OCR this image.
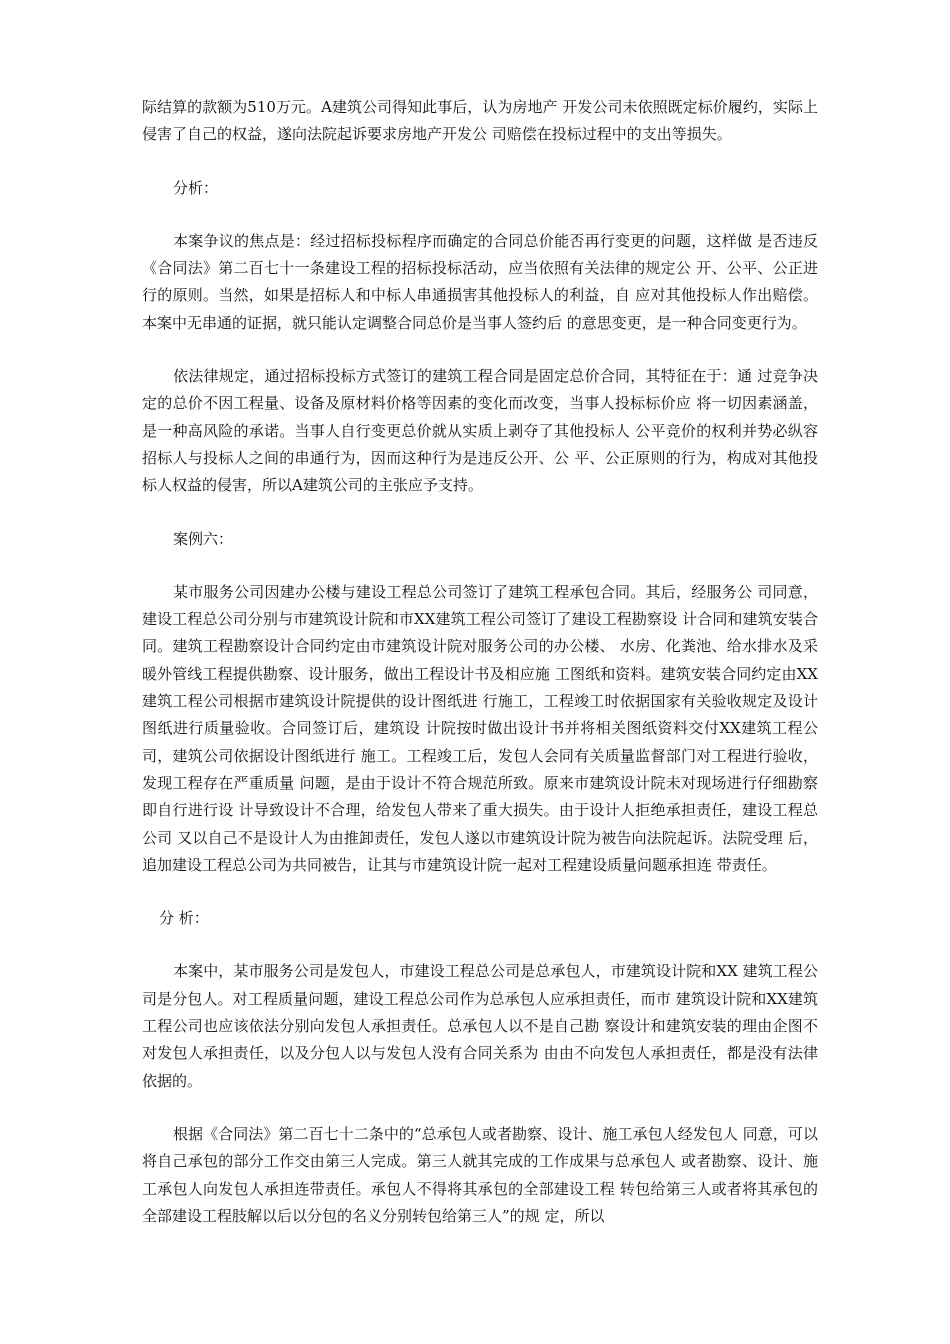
际结算的款额为510万元。A建筑公司得知此事后，认为房地产 开发公司未依照既定标价履约，实际上侵害了自己的权益，遂向法院起诉要求房地产开发公 司赔偿在投标过程中的支出等损失。

分析：

本案争议的焦点是：经过招标投标程序而确定的合同总价能否再行变更的问题，这样做 是否违反《合同法》第二百七十一条建设工程的招标投标活动，应当依照有关法律的规定公 开、公平、公正进行的原则。当然，如果是招标人和中标人串通损害其他投标人的利益，自 应对其他投标人作出赔偿。本案中无串通的证据，就只能认定调整合同总价是当事人签约后 的意思变更，是一种合同变更行为。

依法律规定，通过招标投标方式签订的建筑工程合同是固定总价合同，其特征在于：通 过竞争决定的总价不因工程量、设备及原材料价格等因素的变化而改变，当事人投标标价应 将一切因素涵盖，是一种高风险的承诺。当事人自行变更总价就从实质上剥夺了其他投标人 公平竞价的权利并势必纵容招标人与投标人之间的串通行为，因而这种行为是违反公开、公 平、公正原则的行为，构成对其他投标人权益的侵害，所以A建筑公司的主张应予支持。

案例六：

某市服务公司因建办公楼与建设工程总公司签订了建筑工程承包合同。其后，经服务公 司同意，建设工程总公司分别与市建筑设计院和市XX建筑工程公司签订了建设工程勘察设 计合同和建筑安装合同。建筑工程勘察设计合同约定由市建筑设计院对服务公司的办公楼、 水房、化粪池、给水排水及采暖外管线工程提供勘察、设计服务，做出工程设计书及相应施 工图纸和资料。建筑安装合同约定由XX建筑工程公司根据市建筑设计院提供的设计图纸进 行施工，工程竣工时依据国家有关验收规定及设计图纸进行质量验收。合同签订后，建筑设 计院按时做出设计书并将相关图纸资料交付XX建筑工程公司，建筑公司依据设计图纸进行 施工。工程竣工后，发包人会同有关质量监督部门对工程进行验收，发现工程存在严重质量 问题，是由于设计不符合规范所致。原来市建筑设计院未对现场进行仔细勘察即自行进行设 计导致设计不合理，给发包人带来了重大损失。由于设计人拒绝承担责任，建设工程总公司 又以自己不是设计人为由推卸责任，发包人遂以市建筑设计院为被告向法院起诉。法院受理 后，追加建设工程总公司为共同被告，让其与市建筑设计院一起对工程建设质量问题承担连 带责任。

分 析：

本案中，某市服务公司是发包人，市建设工程总公司是总承包人，市建筑设计院和XX 建筑工程公司是分包人。对工程质量问题，建设工程总公司作为总承包人应承担责任，而市 建筑设计院和XX建筑工程公司也应该依法分别向发包人承担责任。总承包人以不是自己勘 察设计和建筑安装的理由企图不对发包人承担责任，以及分包人以与发包人没有合同关系为 由由不向发包人承担责任，都是没有法律依据的。

根据《合同法》第二百七十二条中的“总承包人或者勘察、设计、施工承包人经发包人 同意，可以将自己承包的部分工作交由第三人完成。第三人就其完成的工作成果与总承包人 或者勘察、设计、施工承包人向发包人承担连带责任。承包人不得将其承包的全部建设工程 转包给第三人或者将其承包的全部建设工程肢解以后以分包的名义分别转包给第三人”的规 定，所以
